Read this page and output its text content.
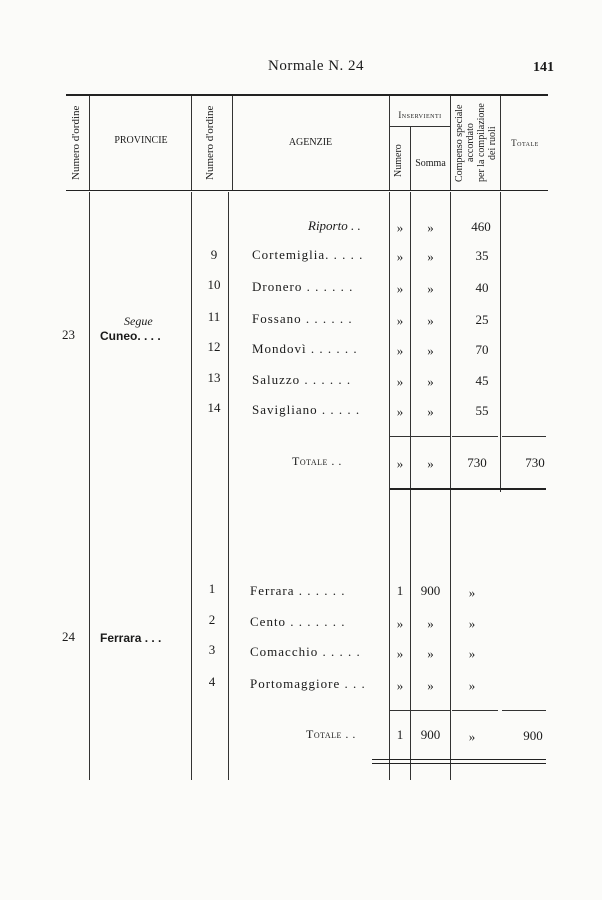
Normale N. 24	141
Numero d'ordine	PROVINCIE	Numero d'ordine	AGENZIE
Inservienti
Numero	Somma Compenso speciale accordato per la compilazione dei ruoli	Totale
23
Segue
Cuneo. . . .
Riporto . .	»	»	460
9	Cortemiglia. . . . .	»	»	35
10	Dronero . . . . . .	»	»	40
11	Fossano . . . . . .	»	»	25
12	Mondovì . . . . . .	»	»	70
13	Saluzzo . . . . . .	»	»	45
14	Savigliano . . . . .	»	»	55
Totale . .	»	»	730	730
24 Ferrara . . .
1	Ferrara . . . . . .	1	900	»
2	Cento . . . . . . .	»	»	»
3	Comacchio . . . . .	»	»	»
4	Portomaggiore . . .	»	»	»
Totale . .	1	900	»	900
